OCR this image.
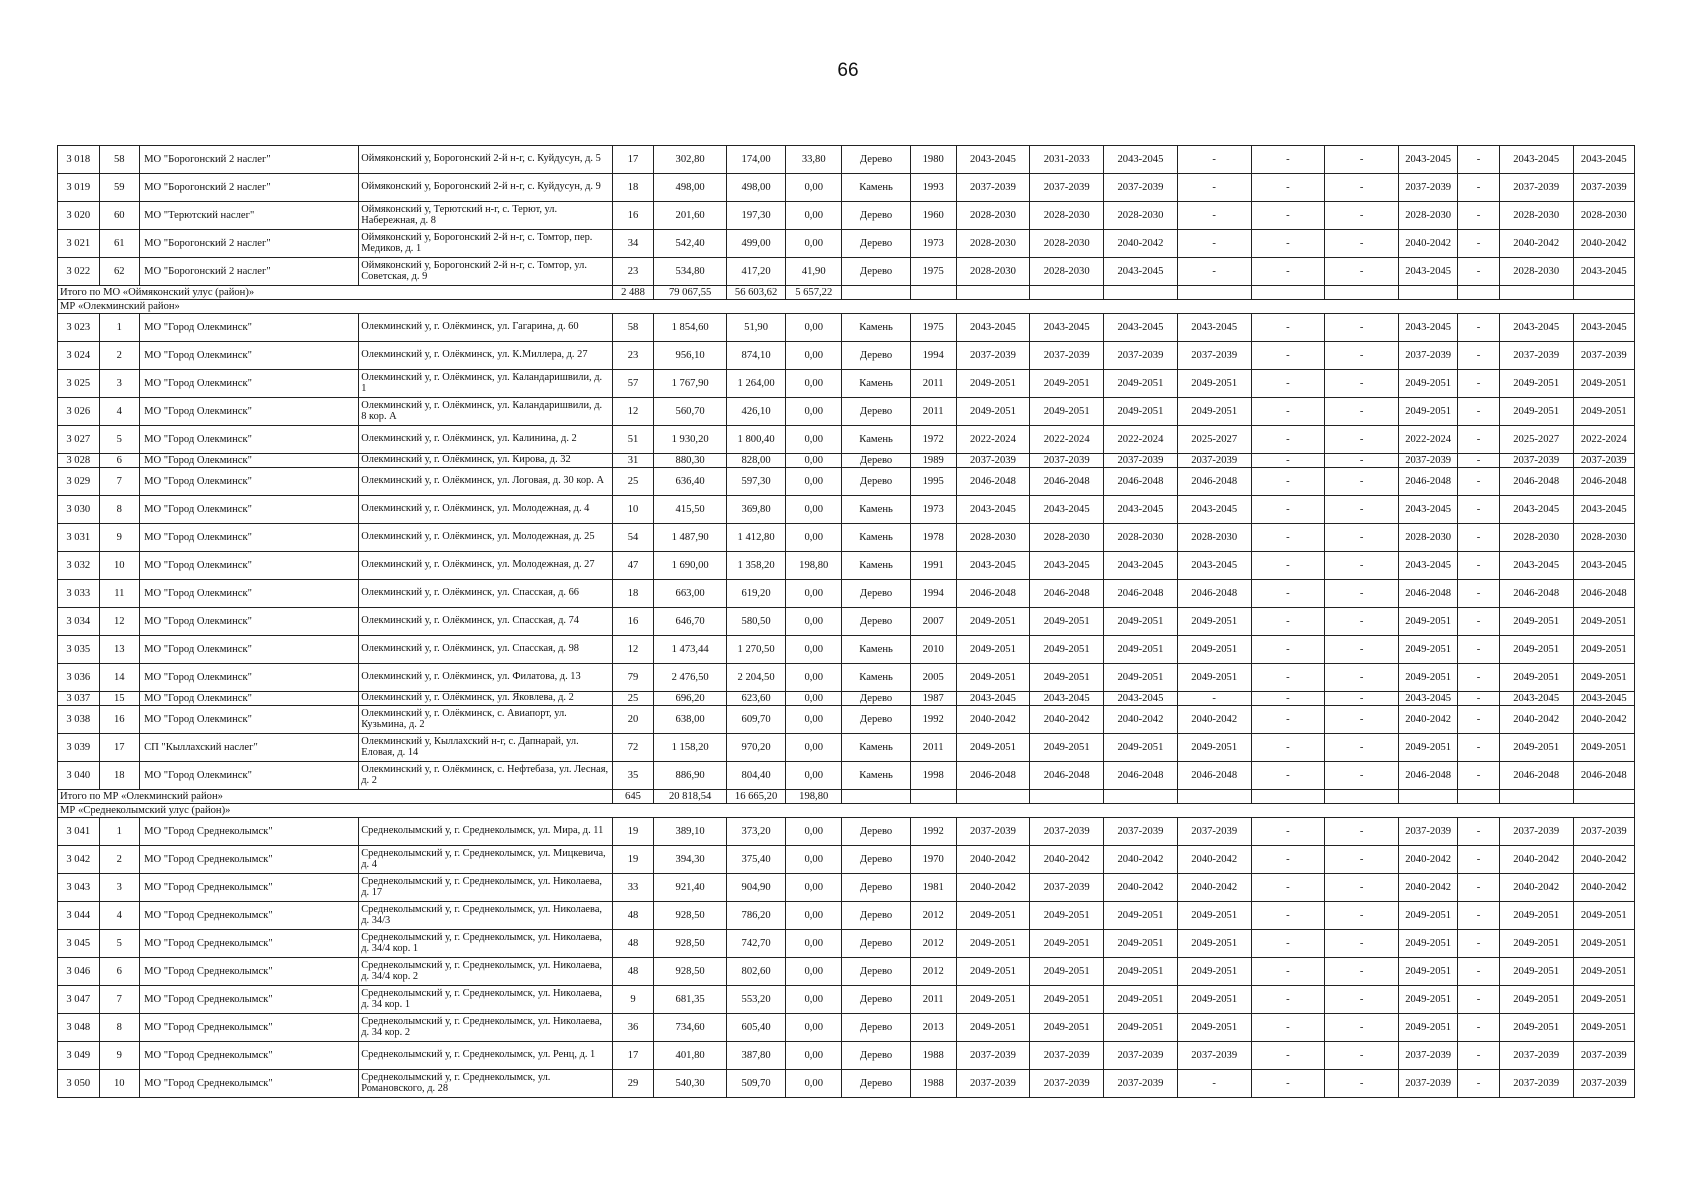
66
3 018	58	МО "Борогонский 2 наслег"	Оймяконский у, Борогонский 2-й н-г, с. Куйдусун, д. 5	17	302,80	174,00	33,80	Дерево	1980	2043-2045	2031-2033	2043-2045	-	-	-	2043-2045	-	2043-2045	2043-2045
3 019	59	МО "Борогонский 2 наслег"	Оймяконский у, Борогонский 2-й н-г, с. Куйдусун, д. 9	18	498,00	498,00	0,00	Камень	1993	2037-2039	2037-2039	2037-2039	-	-	-	2037-2039	-	2037-2039	2037-2039
3 020	60	МО "Терютский наслег"	Оймяконский у, Терютский н-г, с. Терют, ул. Набережная, д. 8	16	201,60	197,30	0,00	Дерево	1960	2028-2030	2028-2030	2028-2030	-	-	-	2028-2030	-	2028-2030	2028-2030
3 021	61	МО "Борогонский 2 наслег"	Оймяконский у, Борогонский 2-й н-г, с. Томтор, пер. Медиков, д. 1	34	542,40	499,00	0,00	Дерево	1973	2028-2030	2028-2030	2040-2042	-	-	-	2040-2042	-	2040-2042	2040-2042
3 022	62	МО "Борогонский 2 наслег"	Оймяконский у, Борогонский 2-й н-г, с. Томтор, ул. Советская, д. 9	23	534,80	417,20	41,90	Дерево	1975	2028-2030	2028-2030	2043-2045	-	-	-	2043-2045	-	2028-2030	2043-2045
Итого по МО «Оймяконский улус (район)»				2 488	79 067,55	56 603,62	5 657,22												
МР «Олекминский район»																			
3 023	1	МО "Город Олекминск"	Олекминский у, г. Олёкминск, ул. Гагарина, д. 60	58	1 854,60	51,90	0,00	Камень	1975	2043-2045	2043-2045	2043-2045	2043-2045	-	-	2043-2045	-	2043-2045	2043-2045
3 024	2	МО "Город Олекминск"	Олекминский у, г. Олёкминск, ул. К.Миллера, д. 27	23	956,10	874,10	0,00	Дерево	1994	2037-2039	2037-2039	2037-2039	2037-2039	-	-	2037-2039	-	2037-2039	2037-2039
3 025	3	МО "Город Олекминск"	Олекминский у, г. Олёкминск, ул. Каландаришвили, д. 1	57	1 767,90	1 264,00	0,00	Камень	2011	2049-2051	2049-2051	2049-2051	2049-2051	-	-	2049-2051	-	2049-2051	2049-2051
3 026	4	МО "Город Олекминск"	Олекминский у, г. Олёкминск, ул. Каландаришвили, д. 8 кор. А	12	560,70	426,10	0,00	Дерево	2011	2049-2051	2049-2051	2049-2051	2049-2051	-	-	2049-2051	-	2049-2051	2049-2051
3 027	5	МО "Город Олекминск"	Олекминский у, г. Олёкминск, ул. Калинина, д. 2	51	1 930,20	1 800,40	0,00	Камень	1972	2022-2024	2022-2024	2022-2024	2025-2027	-	-	2022-2024	-	2025-2027	2022-2024
3 028	6	МО "Город Олекминск"	Олекминский у, г. Олёкминск, ул. Кирова, д. 32	31	880,30	828,00	0,00	Дерево	1989	2037-2039	2037-2039	2037-2039	2037-2039	-	-	2037-2039	-	2037-2039	2037-2039
3 029	7	МО "Город Олекминск"	Олекминский у, г. Олёкминск, ул. Логовая, д. 30 кор. А	25	636,40	597,30	0,00	Дерево	1995	2046-2048	2046-2048	2046-2048	2046-2048	-	-	2046-2048	-	2046-2048	2046-2048
3 030	8	МО "Город Олекминск"	Олекминский у, г. Олёкминск, ул. Молодежная, д. 4	10	415,50	369,80	0,00	Камень	1973	2043-2045	2043-2045	2043-2045	2043-2045	-	-	2043-2045	-	2043-2045	2043-2045
3 031	9	МО "Город Олекминск"	Олекминский у, г. Олёкминск, ул. Молодежная, д. 25	54	1 487,90	1 412,80	0,00	Камень	1978	2028-2030	2028-2030	2028-2030	2028-2030	-	-	2028-2030	-	2028-2030	2028-2030
3 032	10	МО "Город Олекминск"	Олекминский у, г. Олёкминск, ул. Молодежная, д. 27	47	1 690,00	1 358,20	198,80	Камень	1991	2043-2045	2043-2045	2043-2045	2043-2045	-	-	2043-2045	-	2043-2045	2043-2045
3 033	11	МО "Город Олекминск"	Олекминский у, г. Олёкминск, ул. Спасская, д. 66	18	663,00	619,20	0,00	Дерево	1994	2046-2048	2046-2048	2046-2048	2046-2048	-	-	2046-2048	-	2046-2048	2046-2048
3 034	12	МО "Город Олекминск"	Олекминский у, г. Олёкминск, ул. Спасская, д. 74	16	646,70	580,50	0,00	Дерево	2007	2049-2051	2049-2051	2049-2051	2049-2051	-	-	2049-2051	-	2049-2051	2049-2051
3 035	13	МО "Город Олекминск"	Олекминский у, г. Олёкминск, ул. Спасская, д. 98	12	1 473,44	1 270,50	0,00	Камень	2010	2049-2051	2049-2051	2049-2051	2049-2051	-	-	2049-2051	-	2049-2051	2049-2051
3 036	14	МО "Город Олекминск"	Олекминский у, г. Олёкминск, ул. Филатова, д. 13	79	2 476,50	2 204,50	0,00	Камень	2005	2049-2051	2049-2051	2049-2051	2049-2051	-	-	2049-2051	-	2049-2051	2049-2051
3 037	15	МО "Город Олекминск"	Олекминский у, г. Олёкминск, ул. Яковлева, д. 2	25	696,20	623,60	0,00	Дерево	1987	2043-2045	2043-2045	2043-2045	-	-	-	2043-2045	-	2043-2045	2043-2045
3 038	16	МО "Город Олекминск"	Олекминский у, г. Олёкминск, с. Авиапорт, ул. Кузьмина, д. 2	20	638,00	609,70	0,00	Дерево	1992	2040-2042	2040-2042	2040-2042	2040-2042	-	-	2040-2042	-	2040-2042	2040-2042
3 039	17	СП "Кыллахский наслег"	Олекминский у, Кыллахский н-г, с. Дапнарай, ул. Еловая, д. 14	72	1 158,20	970,20	0,00	Камень	2011	2049-2051	2049-2051	2049-2051	2049-2051	-	-	2049-2051	-	2049-2051	2049-2051
3 040	18	МО "Город Олекминск"	Олекминский у, г. Олёкминск, с. Нефтебаза, ул. Лесная, д. 2	35	886,90	804,40	0,00	Камень	1998	2046-2048	2046-2048	2046-2048	2046-2048	-	-	2046-2048	-	2046-2048	2046-2048
Итого по МР «Олекминский район»				645	20 818,54	16 665,20	198,80												
МР «Среднеколымский улус (район)»																			
3 041	1	МО "Город Среднеколымск"	Среднеколымский у, г. Среднеколымск, ул. Мира, д. 11	19	389,10	373,20	0,00	Дерево	1992	2037-2039	2037-2039	2037-2039	2037-2039	-	-	2037-2039	-	2037-2039	2037-2039
3 042	2	МО "Город Среднеколымск"	Среднеколымский у, г. Среднеколымск, ул. Мицкевича, д. 4	19	394,30	375,40	0,00	Дерево	1970	2040-2042	2040-2042	2040-2042	2040-2042	-	-	2040-2042	-	2040-2042	2040-2042
3 043	3	МО "Город Среднеколымск"	Среднеколымский у, г. Среднеколымск, ул. Николаева, д. 17	33	921,40	904,90	0,00	Дерево	1981	2040-2042	2037-2039	2040-2042	2040-2042	-	-	2040-2042	-	2040-2042	2040-2042
3 044	4	МО "Город Среднеколымск"	Среднеколымский у, г. Среднеколымск, ул. Николаева, д. 34/3	48	928,50	786,20	0,00	Дерево	2012	2049-2051	2049-2051	2049-2051	2049-2051	-	-	2049-2051	-	2049-2051	2049-2051
3 045	5	МО "Город Среднеколымск"	Среднеколымский у, г. Среднеколымск, ул. Николаева, д. 34/4 кор. 1	48	928,50	742,70	0,00	Дерево	2012	2049-2051	2049-2051	2049-2051	2049-2051	-	-	2049-2051	-	2049-2051	2049-2051
3 046	6	МО "Город Среднеколымск"	Среднеколымский у, г. Среднеколымск, ул. Николаева, д. 34/4 кор. 2	48	928,50	802,60	0,00	Дерево	2012	2049-2051	2049-2051	2049-2051	2049-2051	-	-	2049-2051	-	2049-2051	2049-2051
3 047	7	МО "Город Среднеколымск"	Среднеколымский у, г. Среднеколымск, ул. Николаева, д. 34 кор. 1	9	681,35	553,20	0,00	Дерево	2011	2049-2051	2049-2051	2049-2051	2049-2051	-	-	2049-2051	-	2049-2051	2049-2051
3 048	8	МО "Город Среднеколымск"	Среднеколымский у, г. Среднеколымск, ул. Николаева, д. 34 кор. 2	36	734,60	605,40	0,00	Дерево	2013	2049-2051	2049-2051	2049-2051	2049-2051	-	-	2049-2051	-	2049-2051	2049-2051
3 049	9	МО "Город Среднеколымск"	Среднеколымский у, г. Среднеколымск, ул. Ренц, д. 1	17	401,80	387,80	0,00	Дерево	1988	2037-2039	2037-2039	2037-2039	2037-2039	-	-	2037-2039	-	2037-2039	2037-2039
3 050	10	МО "Город Среднеколымск"	Среднеколымский у, г. Среднеколымск, ул. Романовского, д. 28	29	540,30	509,70	0,00	Дерево	1988	2037-2039	2037-2039	2037-2039	-	-	-	2037-2039	-	2037-2039	2037-2039
